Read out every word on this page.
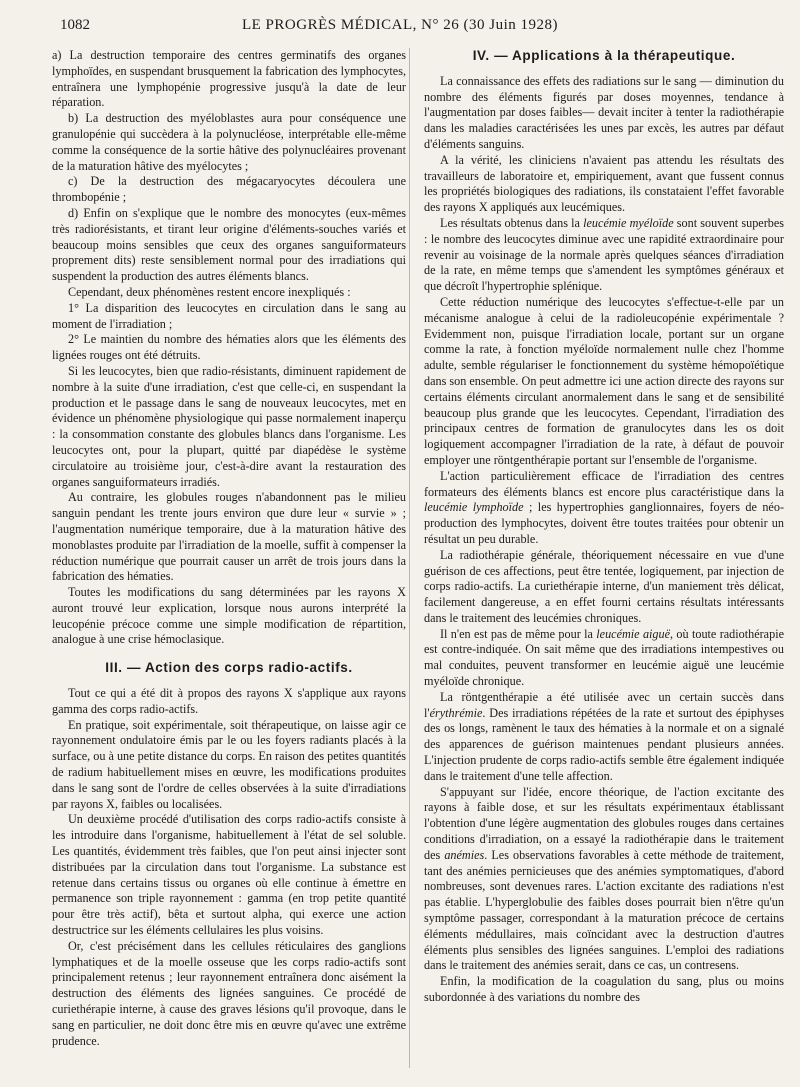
1082	LE PROGRÈS MÉDICAL, N° 26 (30 Juin 1928)

a) La destruction temporaire des centres germinatifs des organes lymphoïdes, en suspendant brusquement la fabrication des lymphocytes, entraînera une lymphopénie progressive jusqu'à la date de leur réparation.

b) La destruction des myéloblastes aura pour conséquence une granulopénie qui succèdera à la polynucléose, interprétable elle-même comme la conséquence de la sortie hâtive des polynucléaires provenant de la maturation hâtive des myélocytes ;

c) De la destruction des mégacaryocytes découlera une thrombopénie ;

d) Enfin on s'explique que le nombre des monocytes (eux-mêmes très radiorésistants, et tirant leur origine d'éléments-souches variés et beaucoup moins sensibles que ceux des organes sanguiformateurs proprement dits) reste sensiblement normal pour des irradiations qui suspendent la production des autres éléments blancs.

Cependant, deux phénomènes restent encore inexpliqués :

1° La disparition des leucocytes en circulation dans le sang au moment de l'irradiation ;

2° Le maintien du nombre des hématies alors que les éléments des lignées rouges ont été détruits.

Si les leucocytes, bien que radio-résistants, diminuent rapidement de nombre à la suite d'une irradiation, c'est que celle-ci, en suspendant la production et le passage dans le sang de nouveaux leucocytes, met en évidence un phénomène physiologique qui passe normalement inaperçu : la consommation constante des globules blancs dans l'organisme. Les leucocytes ont, pour la plupart, quitté par diapédèse le système circulatoire au troisième jour, c'est-à-dire avant la restauration des organes sanguiformateurs irradiés.

Au contraire, les globules rouges n'abandonnent pas le milieu sanguin pendant les trente jours environ que dure leur « survie » ; l'augmentation numérique temporaire, due à la maturation hâtive des monoblastes produite par l'irradiation de la moelle, suffit à compenser la réduction numérique que pourrait causer un arrêt de trois jours dans la fabrication des hématies.

Toutes les modifications du sang déterminées par les rayons X auront trouvé leur explication, lorsque nous aurons interprété la leucopénie précoce comme une simple modification de répartition, analogue à une crise hémoclasique.

III. — Action des corps radio-actifs.

Tout ce qui a été dit à propos des rayons X s'applique aux rayons gamma des corps radio-actifs.

En pratique, soit expérimentale, soit thérapeutique, on laisse agir ce rayonnement ondulatoire émis par le ou les foyers radiants placés à la surface, ou à une petite distance du corps. En raison des petites quantités de radium habituellement mises en œuvre, les modifications produites dans le sang sont de l'ordre de celles observées à la suite d'irradiations par rayons X, faibles ou localisées.

Un deuxième procédé d'utilisation des corps radio-actifs consiste à les introduire dans l'organisme, habituellement à l'état de sel soluble. Les quantités, évidemment très faibles, que l'on peut ainsi injecter sont distribuées par la circulation dans tout l'organisme. La substance est retenue dans certains tissus ou organes où elle continue à émettre en permanence son triple rayonnement : gamma (en trop petite quantité pour être très actif), bêta et surtout alpha, qui exerce une action destructrice sur les éléments cellulaires les plus voisins.

Or, c'est précisément dans les cellules réticulaires des ganglions lymphatiques et de la moelle osseuse que les corps radio-actifs sont principalement retenus ; leur rayonnement entraînera donc aisément la destruction des éléments des lignées sanguines. Ce procédé de curiethérapie interne, à cause des graves lésions qu'il provoque, dans le sang en particulier, ne doit donc être mis en œuvre qu'avec une extrême prudence.

IV. — Applications à la thérapeutique.

La connaissance des effets des radiations sur le sang — diminution du nombre des éléments figurés par doses moyennes, tendance à l'augmentation par doses faibles— devait inciter à tenter la radiothérapie dans les maladies caractérisées les unes par excès, les autres par défaut d'éléments sanguins.

A la vérité, les cliniciens n'avaient pas attendu les résultats des travailleurs de laboratoire et, empiriquement, avant que fussent connus les propriétés biologiques des radiations, ils constataient l'effet favorable des rayons X appliqués aux leucémiques.

Les résultats obtenus dans la leucémie myéloïde sont souvent superbes : le nombre des leucocytes diminue avec une rapidité extraordinaire pour revenir au voisinage de la normale après quelques séances d'irradiation de la rate, en même temps que s'amendent les symptômes généraux et que décroît l'hypertrophie splénique.

Cette réduction numérique des leucocytes s'effectue-t-elle par un mécanisme analogue à celui de la radioleucopénie expérimentale ? Evidemment non, puisque l'irradiation locale, portant sur un organe comme la rate, à fonction myéloïde normalement nulle chez l'homme adulte, semble régulariser le fonctionnement du système hémopoïétique dans son ensemble. On peut admettre ici une action directe des rayons sur certains éléments circulant anormalement dans le sang et de sensibilité beaucoup plus grande que les leucocytes. Cependant, l'irradiation des principaux centres de formation de granulocytes dans les os doit logiquement accompagner l'irradiation de la rate, à défaut de pouvoir employer une röntgenthérapie portant sur l'ensemble de l'organisme.

L'action particulièrement efficace de l'irradiation des centres formateurs des éléments blancs est encore plus caractéristique dans la leucémie lymphoïde ; les hypertrophies ganglionnaires, foyers de néo-production des lymphocytes, doivent être toutes traitées pour obtenir un résultat un peu durable.

La radiothérapie générale, théoriquement nécessaire en vue d'une guérison de ces affections, peut être tentée, logiquement, par injection de corps radio-actifs. La curiethérapie interne, d'un maniement très délicat, facilement dangereuse, a en effet fourni certains résultats intéressants dans le traitement des leucémies chroniques.

Il n'en est pas de même pour la leucémie aiguë, où toute radiothérapie est contre-indiquée. On sait même que des irradiations intempestives ou mal conduites, peuvent transformer en leucémie aiguë une leucémie myéloïde chronique.

La röntgenthérapie a été utilisée avec un certain succès dans l'érythrémie. Des irradiations répétées de la rate et surtout des épiphyses des os longs, ramènent le taux des hématies à la normale et on a signalé des apparences de guérison maintenues pendant plusieurs années. L'injection prudente de corps radio-actifs semble être également indiquée dans le traitement d'une telle affection.

S'appuyant sur l'idée, encore théorique, de l'action excitante des rayons à faible dose, et sur les résultats expérimentaux établissant l'obtention d'une légère augmentation des globules rouges dans certaines conditions d'irradiation, on a essayé la radiothérapie dans le traitement des anémies. Les observations favorables à cette méthode de traitement, tant des anémies pernicieuses que des anémies symptomatiques, d'abord nombreuses, sont devenues rares. L'action excitante des radiations n'est pas établie. L'hyperglobulie des faibles doses pourrait bien n'être qu'un symptôme passager, correspondant à la maturation précoce de certains éléments médullaires, mais coïncidant avec la destruction d'autres éléments plus sensibles des lignées sanguines. L'emploi des radiations dans le traitement des anémies serait, dans ce cas, un contresens.

Enfin, la modification de la coagulation du sang, plus ou moins subordonnée à des variations du nombre des
